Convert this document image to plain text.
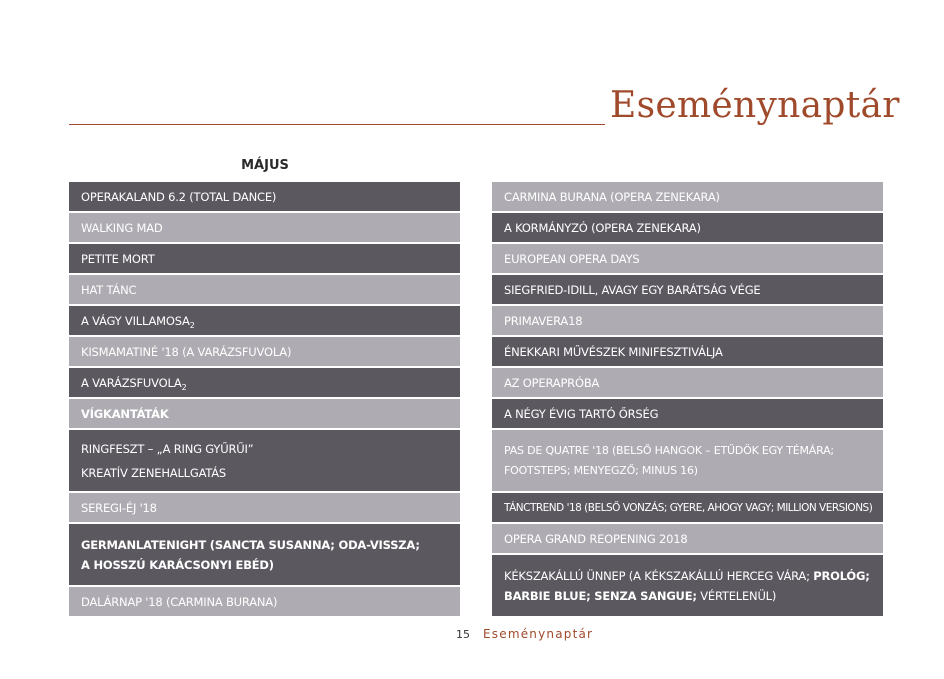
Eseménynaptár
MÁJUS
OPERAKALAND 6.2 (TOTAL DANCE)
WALKING MAD
PETITE MORT
HAT TÁNC
A VÁGY $VILLAMOSA_2$
KISMAMATINÉ '18 (A VARÁZSFUVOLA)
A $VARÁZSFUVOLA_2$
VÍGKANTÁTÁK
RINGFESZT – „A RING GYŰRŰI”
KREATÍV ZENEHALLGATÁS
SEREGI-ÉJ '18
GERMANLATENIGHT (SANCTA SUSANNA; ODA-VISSZA;
A HOSSZÚ KARÁCSONYI EBÉD)
DALÁRNAP '18 (CARMINA BURANA)
CARMINA BURANA (OPERA ZENEKARA)
A KORMÁNYZÓ (OPERA ZENEKARA)
EUROPEAN OPERA DAYS
SIEGFRIED-IDILL, AVAGY EGY BARÁTSÁG VÉGE
PRIMAVERA18
ÉNEKKARI MŰVÉSZEK MINIFESZTIVÁLJA
AZ OPERAPRÓBA
A NÉGY ÉVIG TARTÓ ŐRSÉG
PAS DE QUATRE '18 (BELSŐ HANGOK – ETŰDÖK EGY TÉMÁRA;
FOOTSTEPS; MENYEGZŐ; MINUS 16)
TÁNCTREND '18 (BELSŐ VONZÁS; GYERE, AHOGY VAGY; MILLION VERSIONS)
OPERA GRAND REOPENING 2018
KÉKSZAKÁLLÚ ÜNNEP (A KÉKSZAKÁLLÚ HERCEG VÁRA; PROLÓG;
BARBIE BLUE; SENZA SANGUE; VÉRTELENÜL)
15 Eseménynaptár
